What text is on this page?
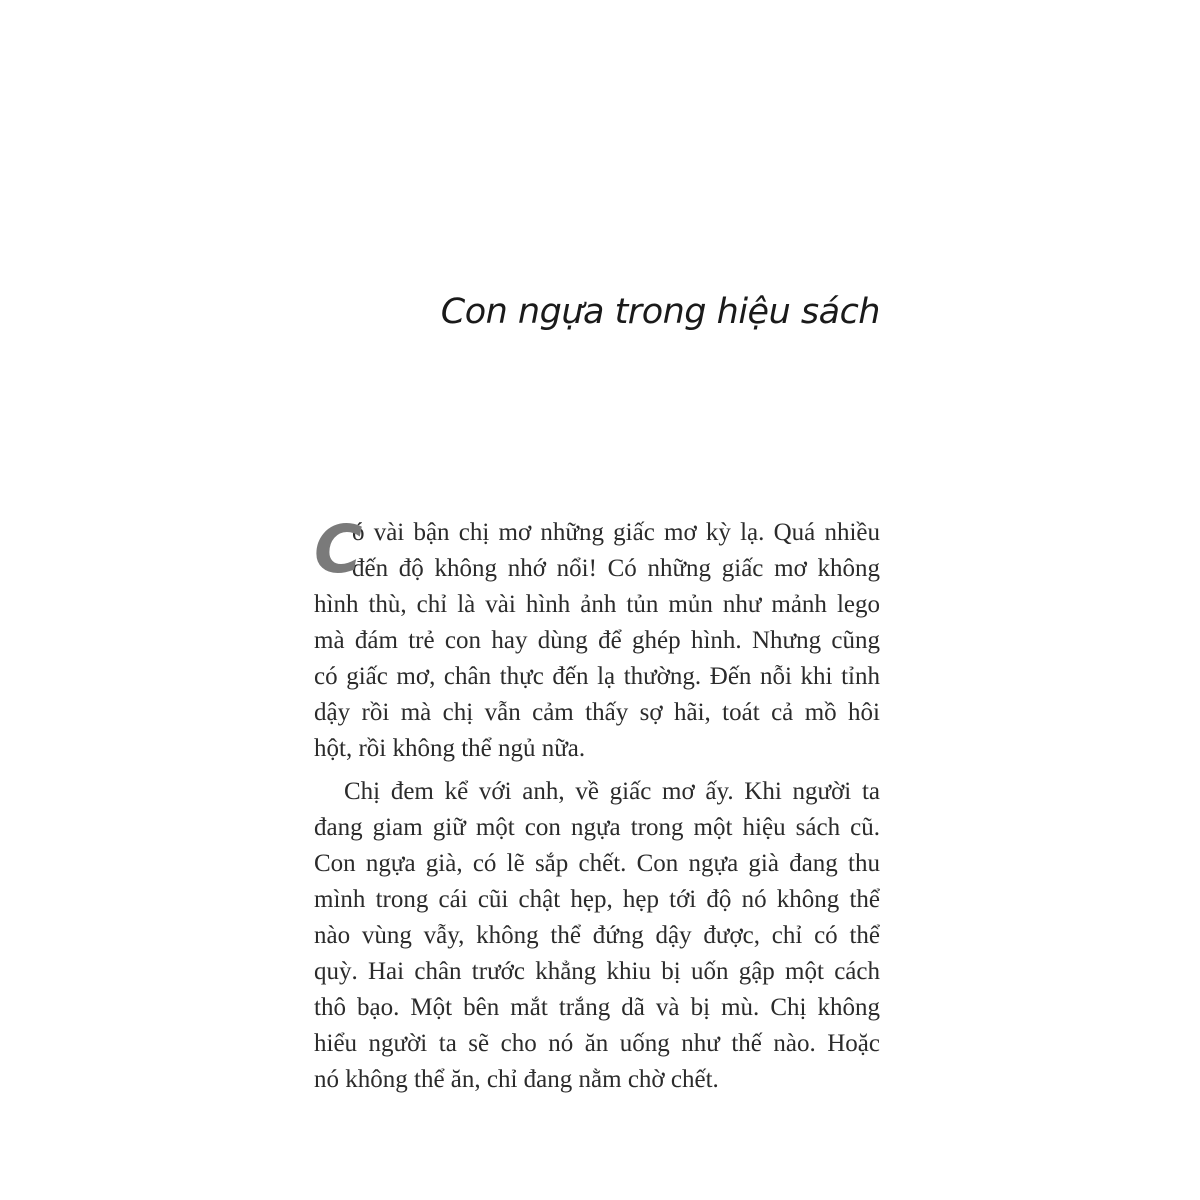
Con ngựa trong hiệu sách
C
ó vài bận chị mơ những giấc mơ kỳ lạ. Quá nhiều
đến độ không nhớ nổi! Có những giấc mơ không
hình thù, chỉ là vài hình ảnh tủn mủn như mảnh lego
mà đám trẻ con hay dùng để ghép hình. Nhưng cũng
có giấc mơ, chân thực đến lạ thường. Đến nỗi khi tỉnh
dậy rồi mà chị vẫn cảm thấy sợ hãi, toát cả mồ hôi
hột, rồi không thể ngủ nữa.
Chị đem kể với anh, về giấc mơ ấy. Khi người ta
đang giam giữ một con ngựa trong một hiệu sách cũ.
Con ngựa già, có lẽ sắp chết. Con ngựa già đang thu
mình trong cái cũi chật hẹp, hẹp tới độ nó không thể
nào vùng vẫy, không thể đứng dậy được, chỉ có thể
quỳ. Hai chân trước khẳng khiu bị uốn gập một cách
thô bạo. Một bên mắt trắng dã và bị mù. Chị không
hiểu người ta sẽ cho nó ăn uống như thế nào. Hoặc
nó không thể ăn, chỉ đang nằm chờ chết.
